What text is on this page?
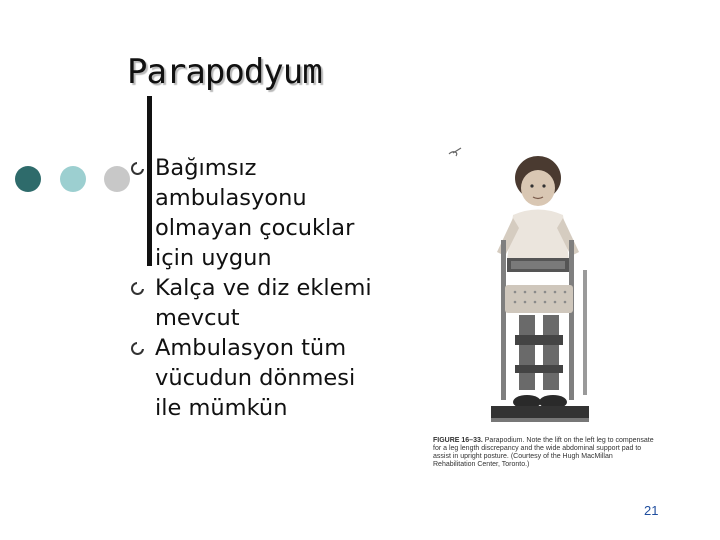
Parapodyum
Bağımsız ambulasyonu olmayan çocuklar için uygun
Kalça ve diz eklemi mevcut
Ambulasyon tüm vücudun dönmesi ile mümkün
FIGURE 16–33. Parapodium. Note the lift on the left leg to compensate for a leg length discrepancy and the wide abdominal support pad to assist in upright posture. (Courtesy of the Hugh MacMillan Rehabilitation Center, Toronto.)
21
